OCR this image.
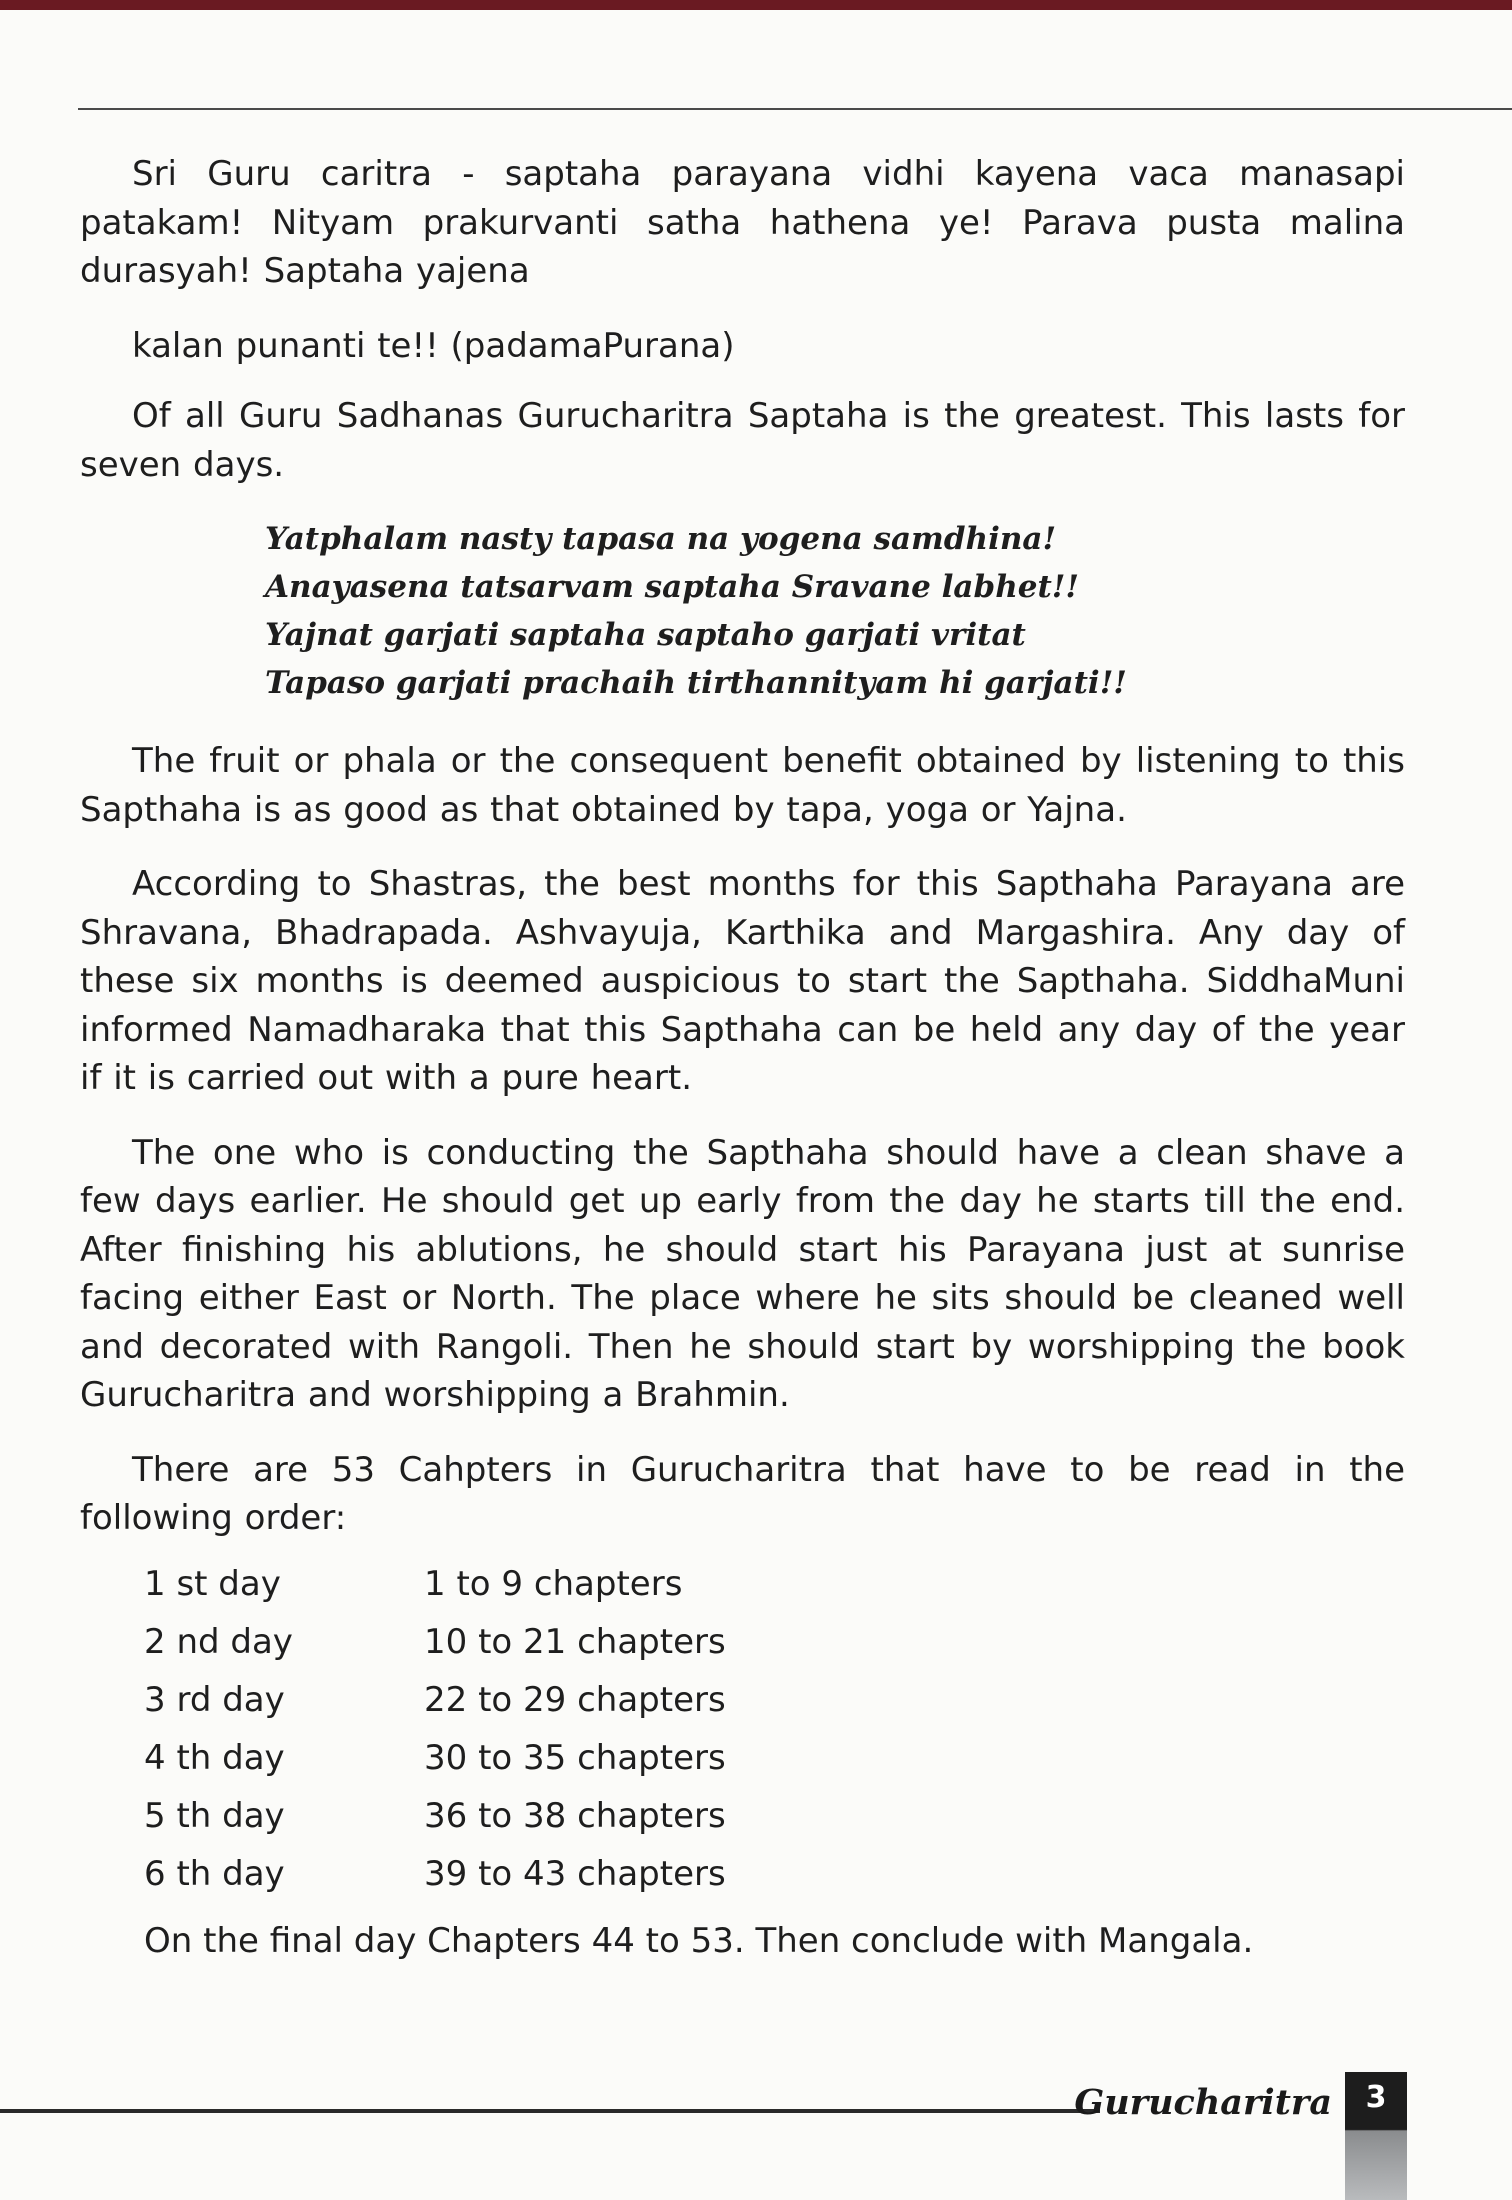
Sri Guru caritra - saptaha parayana vidhi kayena vaca manasapi patakam! Nityam prakurvanti satha hathena ye! Parava pusta malina durasyah! Saptaha yajena

kalan punanti te!! (padamaPurana)

Of all Guru Sadhanas Gurucharitra Saptaha is the greatest. This lasts for seven days.

Yatphalam nasty tapasa na yogena samdhina!
Anayasena tatsarvam saptaha Sravane labhet!!
Yajnat garjati saptaha saptaho garjati vritat
Tapaso garjati prachaih tirthannityam hi garjati!!

The fruit or phala or the consequent benefit obtained by listening to this Sapthaha is as good as that obtained by tapa, yoga or Yajna.

According to Shastras, the best months for this Sapthaha Parayana are Shravana, Bhadrapada. Ashvayuja, Karthika and Margashira. Any day of these six months is deemed auspicious to start the Sapthaha. SiddhaMuni informed Namadharaka that this Sapthaha can be held any day of the year if it is carried out with a pure heart.

The one who is conducting the Sapthaha should have a clean shave a few days earlier. He should get up early from the day he starts till the end. After finishing his ablutions, he should start his Parayana just at sunrise facing either East or North. The place where he sits should be cleaned well and decorated with Rangoli. Then he should start by worshipping the book Gurucharitra and worshipping a Brahmin.

There are 53 Cahpters in Gurucharitra that have to be read in the following order:

1 st day	1 to 9 chapters
2 nd day	10 to 21 chapters
3 rd day	22 to 29 chapters
4 th day	30 to 35 chapters
5 th day	36 to 38 chapters
6 th day	39 to 43 chapters
On the final day Chapters 44 to 53. Then conclude with Mangala.
Gurucharitra	3
